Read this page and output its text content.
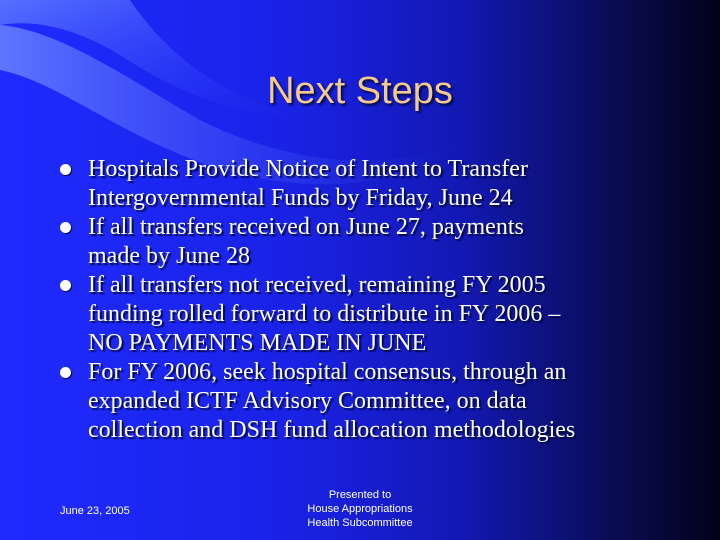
Next Steps
Hospitals Provide Notice of Intent to Transfer
Intergovernmental Funds by Friday, June 24
If all transfers received on June 27, payments
made by June 28
If all transfers not received, remaining FY 2005
funding rolled forward to distribute in FY 2006 –
NO PAYMENTS MADE IN JUNE
For FY 2006, seek hospital consensus, through an
expanded ICTF Advisory Committee, on data
collection and DSH fund allocation methodologies
June 23, 2005
Presented to
House Appropriations
Health Subcommittee
